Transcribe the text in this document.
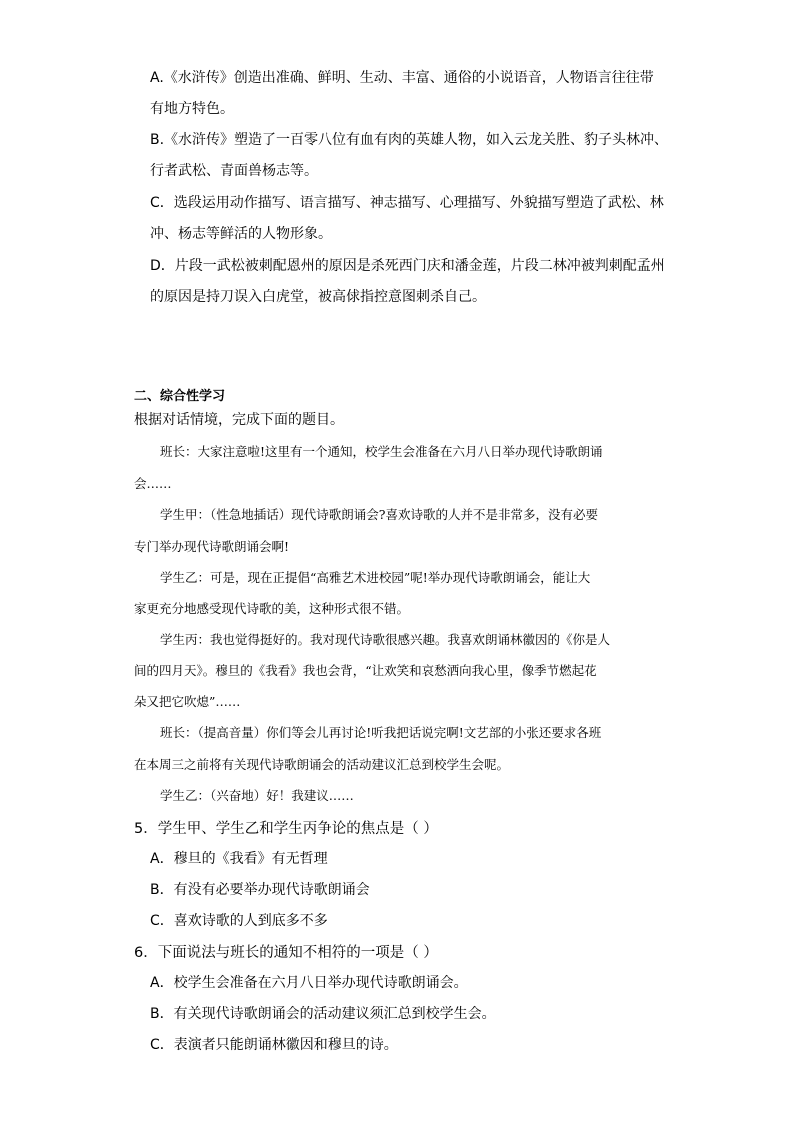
A.《水浒传》创造出准确、鲜明、生动、丰富、通俗的小说语音，人物语言往往带
有地方特色。
B.《水浒传》塑造了一百零八位有血有肉的英雄人物，如入云龙关胜、豹子头林冲、
行者武松、青面兽杨志等。
C．选段运用动作描写、语言描写、神志描写、心理描写、外貌描写塑造了武松、林
冲、杨志等鲜活的人物形象。
D．片段一武松被刺配恩州的原因是杀死西门庆和潘金莲，片段二林冲被判刺配孟州
的原因是持刀误入白虎堂，被高俅指控意图刺杀自己。
二、综合性学习
根据对话情境，完成下面的题目。
班长：大家注意啦!这里有一个通知，校学生会准备在六月八日举办现代诗歌朗诵
会……
学生甲：（性急地插话）现代诗歌朗诵会?喜欢诗歌的人并不是非常多，没有必要
专门举办现代诗歌朗诵会啊!
学生乙：可是，现在正提倡“高雅艺术进校园”呢!举办现代诗歌朗诵会，能让大
家更充分地感受现代诗歌的美，这种形式很不错。
学生丙：我也觉得挺好的。我对现代诗歌很感兴趣。我喜欢朗诵林徽因的《你是人
间的四月天》。穆旦的《我看》我也会背，“让欢笑和哀愁洒向我心里，像季节燃起花
朵又把它吹熄”……
班长：（提高音量）你们等会儿再讨论!听我把话说完啊!文艺部的小张还要求各班
在本周三之前将有关现代诗歌朗诵会的活动建议汇总到校学生会呢。
学生乙：（兴奋地）好！我建议……
5．学生甲、学生乙和学生丙争论的焦点是（ ）
A．穆旦的《我看》有无哲理
B．有没有必要举办现代诗歌朗诵会
C．喜欢诗歌的人到底多不多
6．下面说法与班长的通知不相符的一项是（ ）
A．校学生会准备在六月八日举办现代诗歌朗诵会。
B．有关现代诗歌朗诵会的活动建议须汇总到校学生会。
C．表演者只能朗诵林徽因和穆旦的诗。
